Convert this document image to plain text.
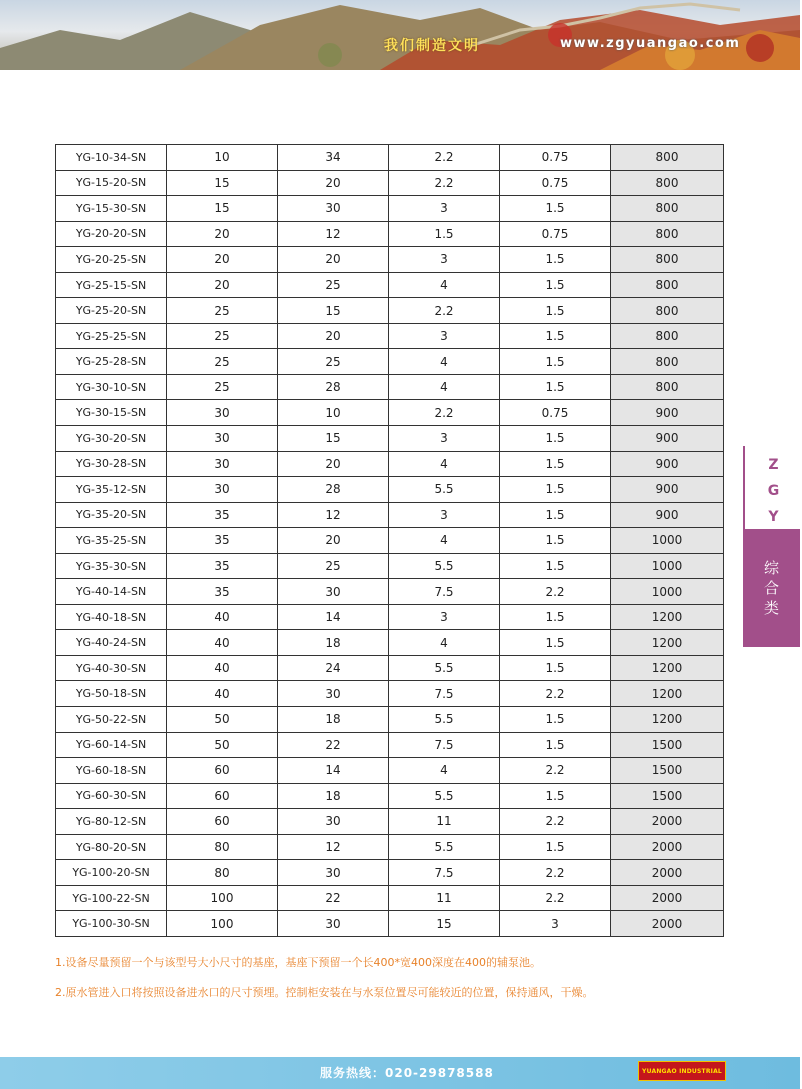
我们制造文明	www.zgyuangao.com
YG-10-34-SN	10	34	2.2	0.75	800
YG-15-20-SN	15	20	2.2	0.75	800
YG-15-30-SN	15	30	3	1.5	800
YG-20-20-SN	20	12	1.5	0.75	800
YG-20-25-SN	20	20	3	1.5	800
YG-25-15-SN	20	25	4	1.5	800
YG-25-20-SN	25	15	2.2	1.5	800
YG-25-25-SN	25	20	3	1.5	800
YG-25-28-SN	25	25	4	1.5	800
YG-30-10-SN	25	28	4	1.5	800
YG-30-15-SN	30	10	2.2	0.75	900
YG-30-20-SN	30	15	3	1.5	900
YG-30-28-SN	30	20	4	1.5	900
YG-35-12-SN	30	28	5.5	1.5	900
YG-35-20-SN	35	12	3	1.5	900
YG-35-25-SN	35	20	4	1.5	1000
YG-35-30-SN	35	25	5.5	1.5	1000
YG-40-14-SN	35	30	7.5	2.2	1000
YG-40-18-SN	40	14	3	1.5	1200
YG-40-24-SN	40	18	4	1.5	1200
YG-40-30-SN	40	24	5.5	1.5	1200
YG-50-18-SN	40	30	7.5	2.2	1200
YG-50-22-SN	50	18	5.5	1.5	1200
YG-60-14-SN	50	22	7.5	1.5	1500
YG-60-18-SN	60	14	4	2.2	1500
YG-60-30-SN	60	18	5.5	1.5	1500
YG-80-12-SN	60	30	11	2.2	2000
YG-80-20-SN	80	12	5.5	1.5	2000
YG-100-20-SN	80	30	7.5	2.2	2000
YG-100-22-SN	100	22	11	2.2	2000
YG-100-30-SN	100	30	15	3	2000
1.设备尽量预留一个与该型号大小尺寸的基座，基座下预留一个长400*宽400深度在400的辅泵池。
2.原水管进入口将按照设备进水口的尺寸预埋。控制柜安装在与水泵位置尽可能较近的位置，保持通风，干燥。
Z
G
Y
综
合
类
服务热线：020-29878588	YUANGAO INDUSTRIAL
